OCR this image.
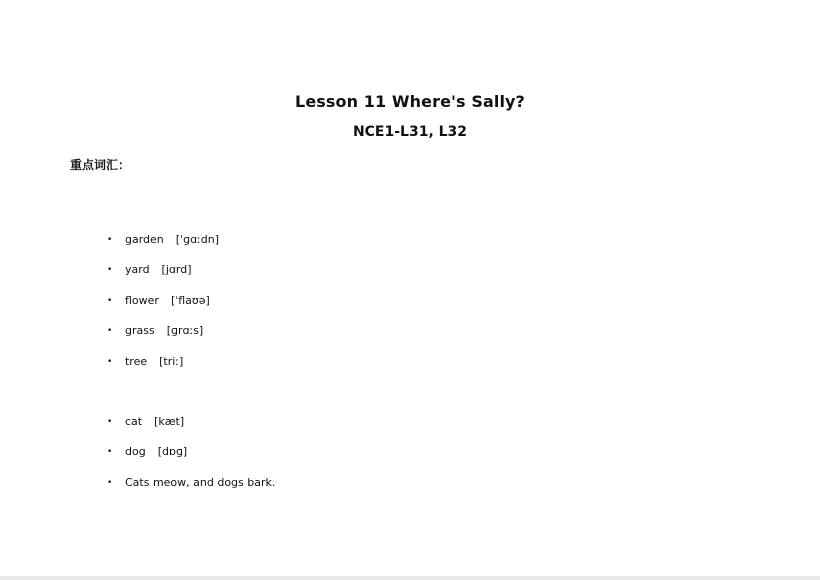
Lesson 11 Where's Sally?
NCE1-L31, L32
重点词汇：

• garden [ˈɡɑːdn]

• yard [jɑrd]

• flower [ˈflaʊə]

• grass [ɡrɑːs]

• tree [triː]

• cat [kæt]

• dog [dɒɡ]

• Cats meow, and dogs bark.
